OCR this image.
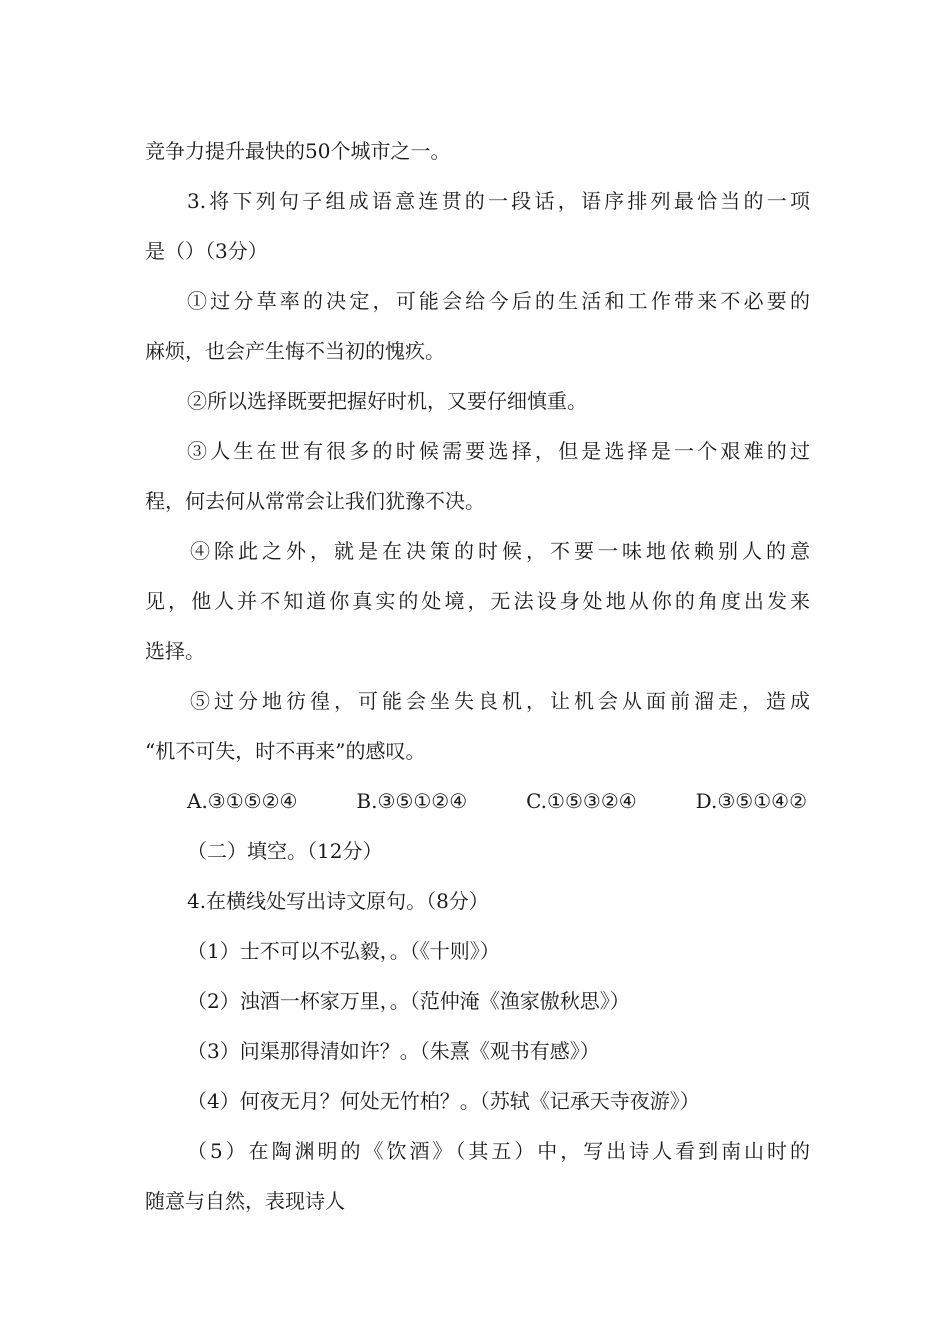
竞争力提升最快的50个城市之一。
3.将下列句子组成语意连贯的一段话，语序排列最恰当的一项
是（）（3分）
①过分草率的决定，可能会给今后的生活和工作带来不必要的
麻烦，也会产生悔不当初的愧疚。
②所以选择既要把握好时机，又要仔细慎重。
③人生在世有很多的时候需要选择，但是选择是一个艰难的过
程，何去何从常常会让我们犹豫不决。
④除此之外，就是在决策的时候，不要一味地依赖别人的意
见，他人并不知道你真实的处境，无法设身处地从你的角度出发来
选择。
⑤过分地彷徨，可能会坐失良机，让机会从面前溜走，造成
“机不可失，时不再来”的感叹。
A.③①⑤②④	B.③⑤①②④	C.①⑤③②④	D.③⑤①④②
（二）填空。（12分）
4.在横线处写出诗文原句。（8分）
（1）士不可以不弘毅，。（《十则》）
（2）浊酒一杯家万里，。（范仲淹《渔家傲秋思》）
（3）问渠那得清如许？。（朱熹《观书有感》）
（4）何夜无月？何处无竹柏？。（苏轼《记承天寺夜游》）
（5）在陶渊明的《饮酒》（其五）中，写出诗人看到南山时的
随意与自然，表现诗人
